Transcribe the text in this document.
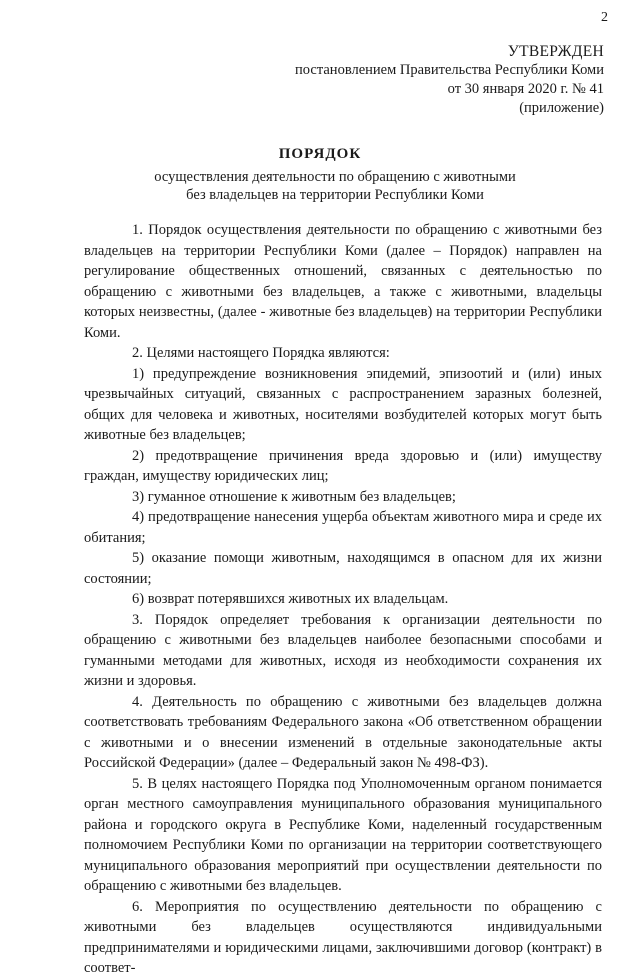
2
УТВЕРЖДЕН
постановлением Правительства Республики Коми
от 30 января 2020 г. № 41
(приложение)
ПОРЯДОК
осуществления деятельности по обращению с животными
без владельцев на территории Республики Коми

1. Порядок осуществления деятельности по обращению с животными без владельцев на территории Республики Коми (далее – Порядок) направлен на регулирование общественных отношений, связанных с деятельностью по обращению с животными без владельцев, а также с животными, владельцы которых неизвестны, (далее - животные без владельцев) на территории Республики Коми.

2. Целями настоящего Порядка являются:

1) предупреждение возникновения эпидемий, эпизоотий и (или) иных чрезвычайных ситуаций, связанных с распространением заразных болезней, общих для человека и животных, носителями возбудителей которых могут быть животные без владельцев;

2) предотвращение причинения вреда здоровью и (или) имуществу граждан, имуществу юридических лиц;

3) гуманное отношение к животным без владельцев;

4) предотвращение нанесения ущерба объектам животного мира и среде их обитания;

5) оказание помощи животным, находящимся в опасном для их жизни состоянии;

6) возврат потерявшихся животных их владельцам.

3. Порядок определяет требования к организации деятельности по обращению с животными без владельцев наиболее безопасными способами и гуманными методами для животных, исходя из необходимости сохранения их жизни и здоровья.

4. Деятельность по обращению с животными без владельцев должна соответствовать требованиям Федерального закона «Об ответственном обращении с животными и о внесении изменений в отдельные законодательные акты Российской Федерации» (далее – Федеральный закон № 498-ФЗ).

5. В целях настоящего Порядка под Уполномоченным органом понимается орган местного самоуправления муниципального образования муниципального района и городского округа в Республике Коми, наделенный государственным полномочием Республики Коми по организации на территории соответствующего муниципального образования мероприятий при осуществлении деятельности по обращению с животными без владельцев.

6. Мероприятия по осуществлению деятельности по обращению с животными без владельцев осуществляются индивидуальными предпринимателями и юридическими лицами, заключившими договор (контракт) в соответ-
